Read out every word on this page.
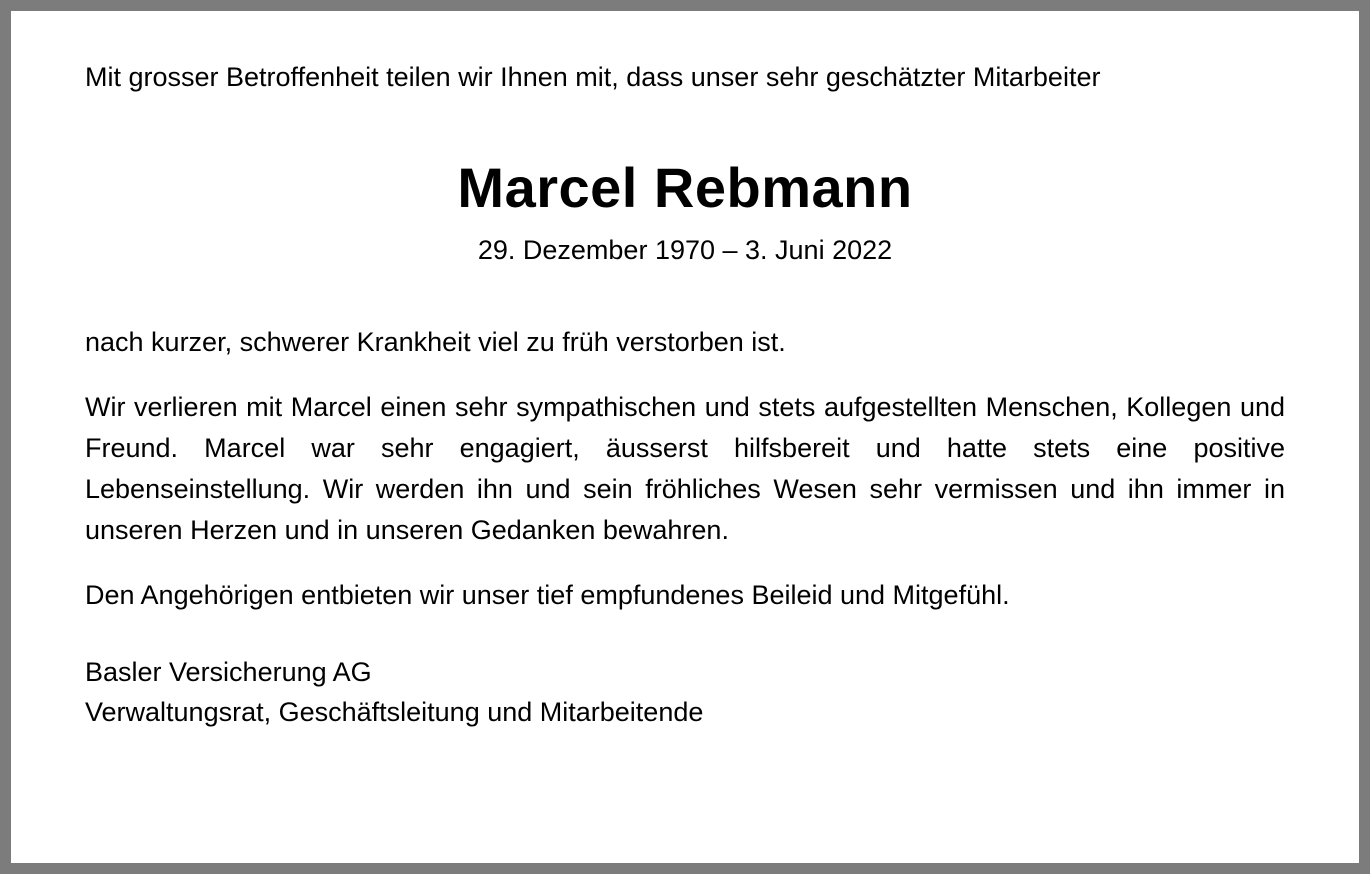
Mit grosser Betroffenheit teilen wir Ihnen mit, dass unser sehr geschätzter Mitarbeiter

Marcel Rebmann
29. Dezember 1970 – 3. Juni 2022

nach kurzer, schwerer Krankheit viel zu früh verstorben ist.

Wir verlieren mit Marcel einen sehr sympathischen und stets aufgestellten Menschen, Kollegen und Freund. Marcel war sehr engagiert, äusserst hilfsbereit und hatte stets eine positive Lebenseinstellung. Wir werden ihn und sein fröhliches Wesen sehr vermissen und ihn immer in unseren Herzen und in unseren Gedanken bewahren.

Den Angehörigen entbieten wir unser tief empfundenes Beileid und Mitgefühl.

Basler Versicherung AG
Verwaltungsrat, Geschäftsleitung und Mitarbeitende
